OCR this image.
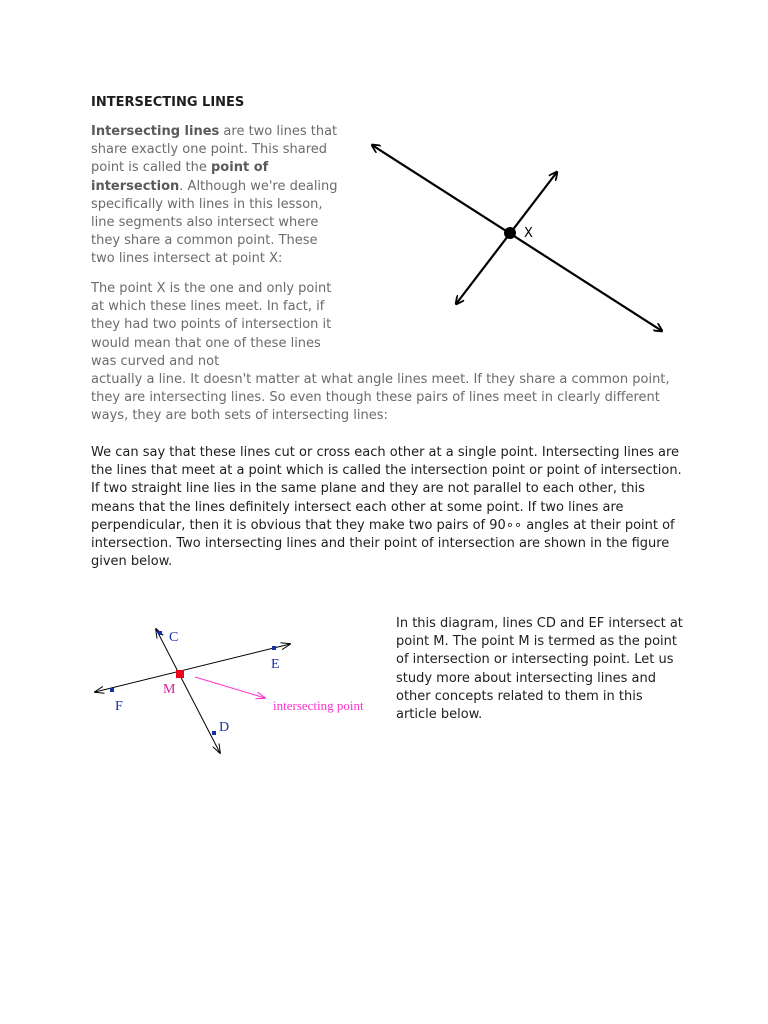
INTERSECTING LINES

Intersecting lines are two lines that share exactly one point. This shared point is called the point of intersection. Although we're dealing specifically with lines in this lesson, line segments also intersect where they share a common point. These two lines intersect at point X:

The point X is the one and only point at which these lines meet. In fact, if they had two points of intersection it would mean that one of these lines was curved and not

actually a line. It doesn't matter at what angle lines meet. If they share a common point, they are intersecting lines. So even though these pairs of lines meet in clearly different ways, they are both sets of intersecting lines:

We can say that these lines cut or cross each other at a single point. Intersecting lines are the lines that meet at a point which is called the intersection point or point of intersection. If two straight line lies in the same plane and they are not parallel to each other, this means that the lines definitely intersect each other at some point. If two lines are perpendicular, then it is obvious that they make two pairs of 90∘∘ angles at their point of intersection. Two intersecting lines and their point of intersection are shown in the figure given below.

In this diagram, lines CD and EF intersect at point M. The point M is termed as the point of intersection or intersecting point. Let us study more about intersecting lines and other concepts related to them in this article below.

X
C
D
E
F
M
intersecting point
